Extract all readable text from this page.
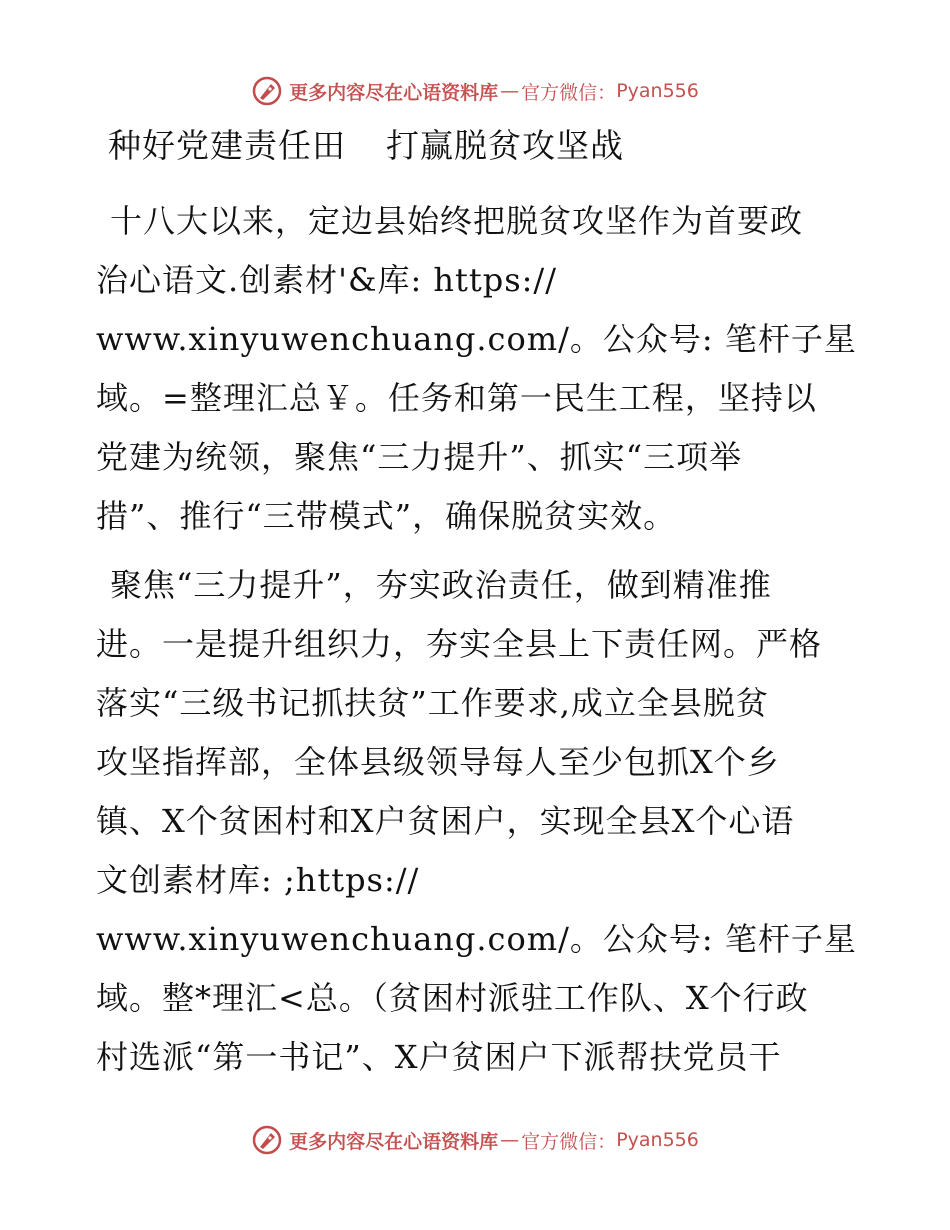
更多内容尽在心语资料库 — 官方微信： Pyan556
种好党建责任田 打赢脱贫攻坚战
十八大以来，定边县始终把脱贫攻坚作为首要政
治心语文.创素材'&库: https://
www.xinyuwenchuang.com/。公众号: 笔杆子星
域。=整理汇总￥。任务和第一民生工程，坚持以
党建为统领，聚焦“三力提升”、抓实“三项举
措”、推行“三带模式”，确保脱贫实效。
聚焦“三力提升”，夯实政治责任，做到精准推
进。一是提升组织力，夯实全县上下责任网。严格
落实“三级书记抓扶贫”工作要求,成立全县脱贫
攻坚指挥部，全体县级领导每人至少包抓X个乡
镇、X个贫困村和X户贫困户，实现全县X个心语
文创素材库: ;https://
www.xinyuwenchuang.com/。公众号: 笔杆子星
域。整*理汇<总。（贫困村派驻工作队、X个行政
村选派“第一书记”、X户贫困户下派帮扶党员干
更多内容尽在心语资料库 — 官方微信： Pyan556
